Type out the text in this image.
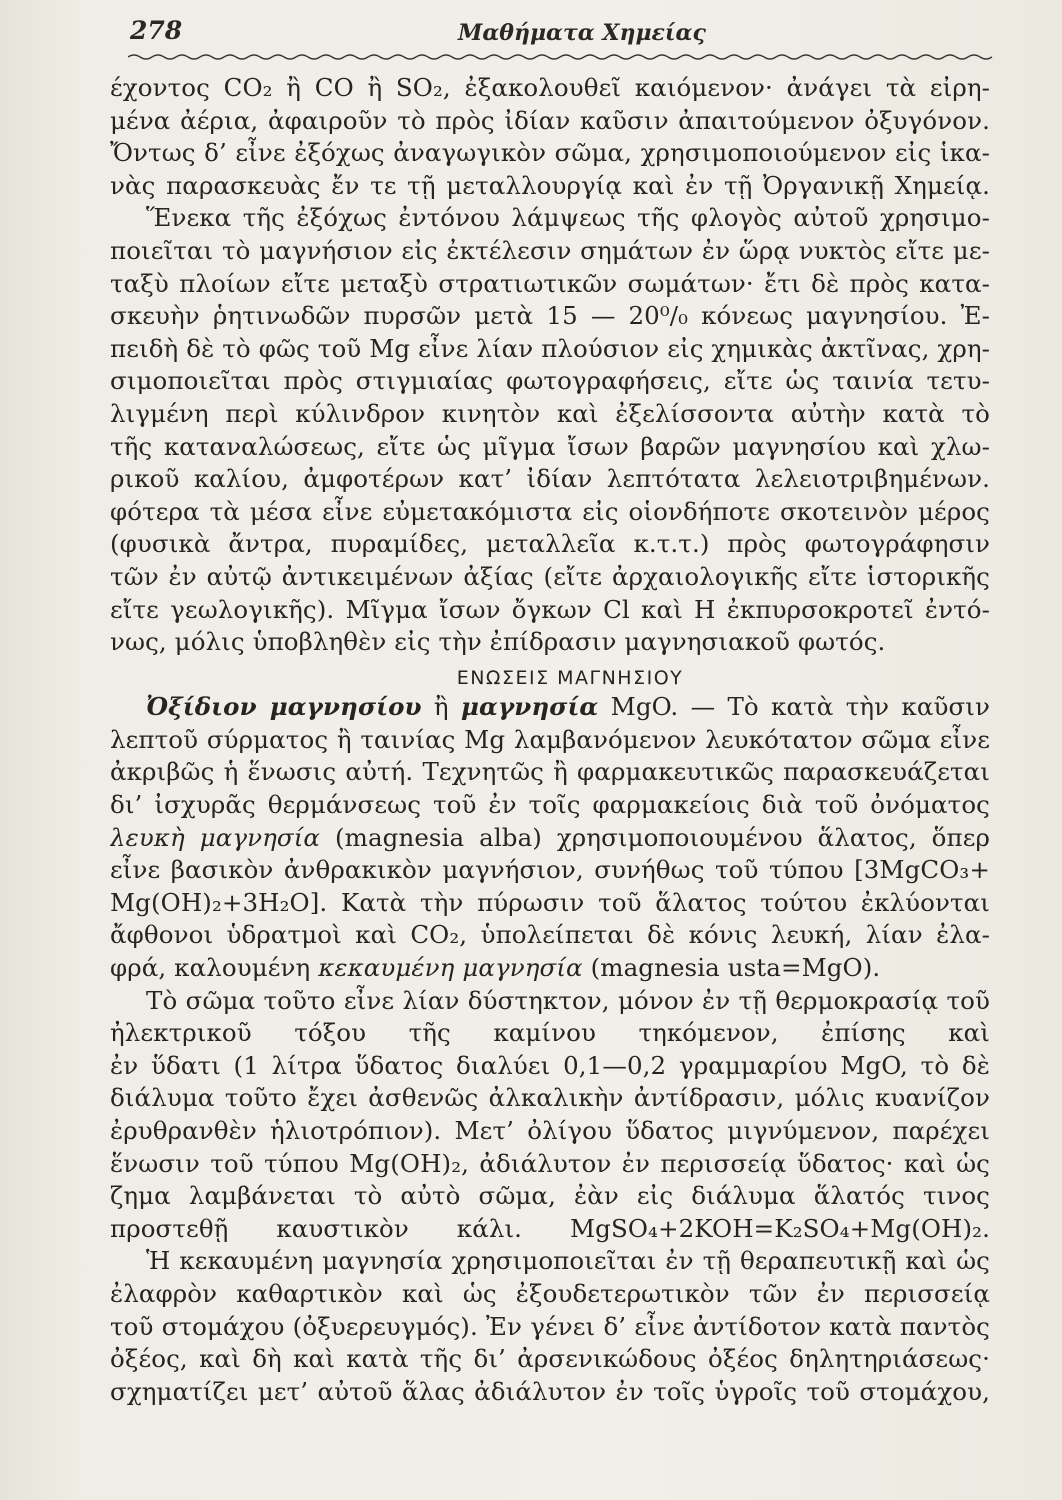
278	Μαθήματα Χημείας
έχοντος CO₂ ἢ CO ἢ SO₂, ἐξακολουθεῖ καιόμενον· ἀνάγει τὰ εἰρη-
μένα ἀέρια, ἀφαιροῦν τὸ πρὸς ἰδίαν καῦσιν ἀπαιτούμενον ὀξυγόνον.
Ὄντως δ’ εἶνε ἐξόχως ἀναγωγικὸν σῶμα, χρησιμοποιούμενον εἰς ἱκα-
νὰς παρασκευὰς ἔν τε τῇ μεταλλουργίᾳ καὶ ἐν τῇ Ὀργανικῇ Χημείᾳ.
Ἕνεκα τῆς ἐξόχως ἐντόνου λάμψεως τῆς φλογὸς αὐτοῦ χρησιμο-
ποιεῖται τὸ μαγνήσιον εἰς ἐκτέλεσιν σημάτων ἐν ὥρᾳ νυκτὸς εἴτε με-
ταξὺ πλοίων εἴτε μεταξὺ στρατιωτικῶν σωμάτων· ἔτι δὲ πρὸς κατα-
σκευὴν ῥητινωδῶν πυρσῶν μετὰ 15 — 20⁰/₀ κόνεως μαγνησίου. Ἐ-
πειδὴ δὲ τὸ φῶς τοῦ Mg εἶνε λίαν πλούσιον εἰς χημικὰς ἀκτῖνας, χρη-
σιμοποιεῖται πρὸς στιγμιαίας φωτογραφήσεις, εἴτε ὡς ταινία τετυ-
λιγμένη περὶ κύλινδρον κινητὸν καὶ ἐξελίσσοντα αὐτὴν κατὰ τὸ
τῆς καταναλώσεως, εἴτε ὡς μῖγμα ἴσων βαρῶν μαγνησίου καὶ χλω-
ρικοῦ καλίου, ἀμφοτέρων κατ’ ἰδίαν λεπτότατα λελειοτριβημένων.
φότερα τὰ μέσα εἶνε εὐμετακόμιστα εἰς οἱονδήποτε σκοτεινὸν μέρος
(φυσικὰ ἄντρα, πυραμίδες, μεταλλεῖα κ.τ.τ.) πρὸς φωτογράφησιν
τῶν ἐν αὐτῷ ἀντικειμένων ἀξίας (εἴτε ἀρχαιολογικῆς εἴτε ἱστορικῆς
εἴτε γεωλογικῆς). Μῖγμα ἴσων ὄγκων Cl καὶ H ἐκπυρσοκροτεῖ ἐντό-
νως, μόλις ὑποβληθὲν εἰς τὴν ἐπίδρασιν μαγνησιακοῦ φωτός.
ΕΝΩΣΕΙΣ ΜΑΓΝΗΣΙΟΥ
Ὀξίδιον μαγνησίου ἢ μαγνησία MgO. — Τὸ κατὰ τὴν καῦσιν
λεπτοῦ σύρματος ἢ ταινίας Mg λαμβανόμενον λευκότατον σῶμα εἶνε
ἀκριβῶς ἡ ἕνωσις αὐτή. Τεχνητῶς ἢ φαρμακευτικῶς παρασκευάζεται
δι’ ἰσχυρᾶς θερμάνσεως τοῦ ἐν τοῖς φαρμακείοις διὰ τοῦ ὀνόματος
λευκὴ μαγνησία (magnesia alba) χρησιμοποιουμένου ἅλατος, ὅπερ
εἶνε βασικὸν ἀνθρακικὸν μαγνήσιον, συνήθως τοῦ τύπου [3MgCO₃+
Mg(OH)₂+3H₂O]. Κατὰ τὴν πύρωσιν τοῦ ἅλατος τούτου ἐκλύονται
ἄφθονοι ὑδρατμοὶ καὶ CO₂, ὑπολείπεται δὲ κόνις λευκή, λίαν ἐλα-
φρά, καλουμένη κεκαυμένη μαγνησία (magnesia usta=MgO).
Τὸ σῶμα τοῦτο εἶνε λίαν δύστηκτον, μόνον ἐν τῇ θερμοκρασίᾳ τοῦ
ἠλεκτρικοῦ τόξου τῆς καμίνου τηκόμενον, ἐπίσης καὶ
ἐν ὕδατι (1 λίτρα ὕδατος διαλύει 0,1—0,2 γραμμαρίου MgO, τὸ δὲ
διάλυμα τοῦτο ἔχει ἀσθενῶς ἀλκαλικὴν ἀντίδρασιν, μόλις κυανίζον
ἐρυθρανθὲν ἡλιοτρόπιον). Μετ’ ὀλίγου ὕδατος μιγνύμενον, παρέχει
ἕνωσιν τοῦ τύπου Mg(OH)₂, ἀδιάλυτον ἐν περισσείᾳ ὕδατος· καὶ ὡς
ζημα λαμβάνεται τὸ αὐτὸ σῶμα, ἐὰν εἰς διάλυμα ἅλατός τινος
προστεθῇ καυστικὸν κάλι. MgSO₄+2KOH=K₂SO₄+Mg(OH)₂.
Ἡ κεκαυμένη μαγνησία χρησιμοποιεῖται ἐν τῇ θεραπευτικῇ καὶ ὡς
ἐλαφρὸν καθαρτικὸν καὶ ὡς ἐξουδετερωτικὸν τῶν ἐν περισσείᾳ
τοῦ στομάχου (ὀξυερευγμός). Ἐν γένει δ’ εἶνε ἀντίδοτον κατὰ παντὸς
ὀξέος, καὶ δὴ καὶ κατὰ τῆς δι’ ἀρσενικώδους ὀξέος δηλητηριάσεως·
σχηματίζει μετ’ αὐτοῦ ἅλας ἀδιάλυτον ἐν τοῖς ὑγροῖς τοῦ στομάχου,
